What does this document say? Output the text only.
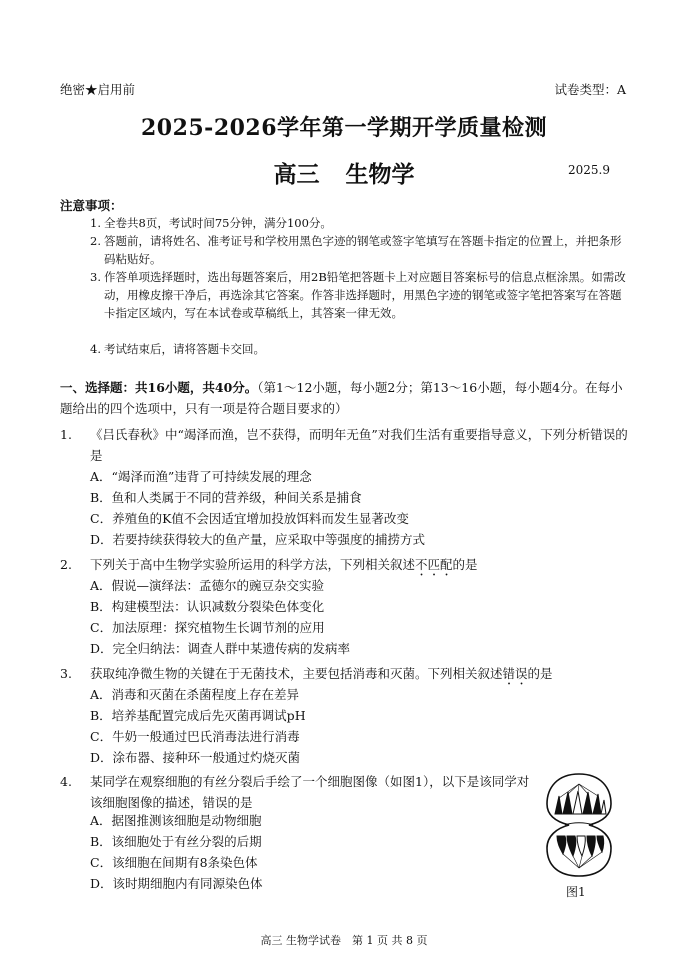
绝密★启用前	试卷类型：A
2025-2026学年第一学期开学质量检测
高三 生物学	2025.9
注意事项：
1. 全卷共8页，考试时间75分钟，满分100分。
2. 答题前，请将姓名、准考证号和学校用黑色字迹的钢笔或签字笔填写在答题卡指定的位置上，并把条形码粘贴好。
3. 作答单项选择题时，选出每题答案后，用2B铅笔把答题卡上对应题目答案标号的信息点框涂黑。如需改动，用橡皮擦干净后，再选涂其它答案。作答非选择题时，用黑色字迹的钢笔或签字笔把答案写在答题卡指定区域内，写在本试卷或草稿纸上，其答案一律无效。
4. 考试结束后，请将答题卡交回。
一、选择题：共16小题，共40分。（第1～12小题，每小题2分；第13～16小题，每小题4分。在每小题给出的四个选项中，只有一项是符合题目要求的）
1.	《吕氏春秋》中“竭泽而渔，岂不获得，而明年无鱼”对我们生活有重要指导意义，下列分析错误的是
A．“竭泽而渔”违背了可持续发展的理念
B．鱼和人类属于不同的营养级，种间关系是捕食
C．养殖鱼的K值不会因适宜增加投放饵料而发生显著改变
D．若要持续获得较大的鱼产量，应采取中等强度的捕捞方式
2.	下列关于高中生物学实验所运用的科学方法，下列相关叙述不匹配的是
A．假说—演绎法：孟德尔的豌豆杂交实验
B．构建模型法：认识减数分裂染色体变化
C．加法原理：探究植物生长调节剂的应用
D．完全归纳法：调查人群中某遗传病的发病率
3.	获取纯净微生物的关键在于无菌技术，主要包括消毒和灭菌。下列相关叙述错误的是
A．消毒和灭菌在杀菌程度上存在差异
B．培养基配置完成后先灭菌再调试pH
C．牛奶一般通过巴氏消毒法进行消毒
D．涂布器、接种环一般通过灼烧灭菌
4.	某同学在观察细胞的有丝分裂后手绘了一个细胞图像（如图1），以下是该同学对该细胞图像的描述，错误的是
A．据图推测该细胞是动物细胞
B．该细胞处于有丝分裂的后期
C．该细胞在间期有8条染色体
D．该时期细胞内有同源染色体
图1
高三 生物学试卷　第 1 页 共 8 页
